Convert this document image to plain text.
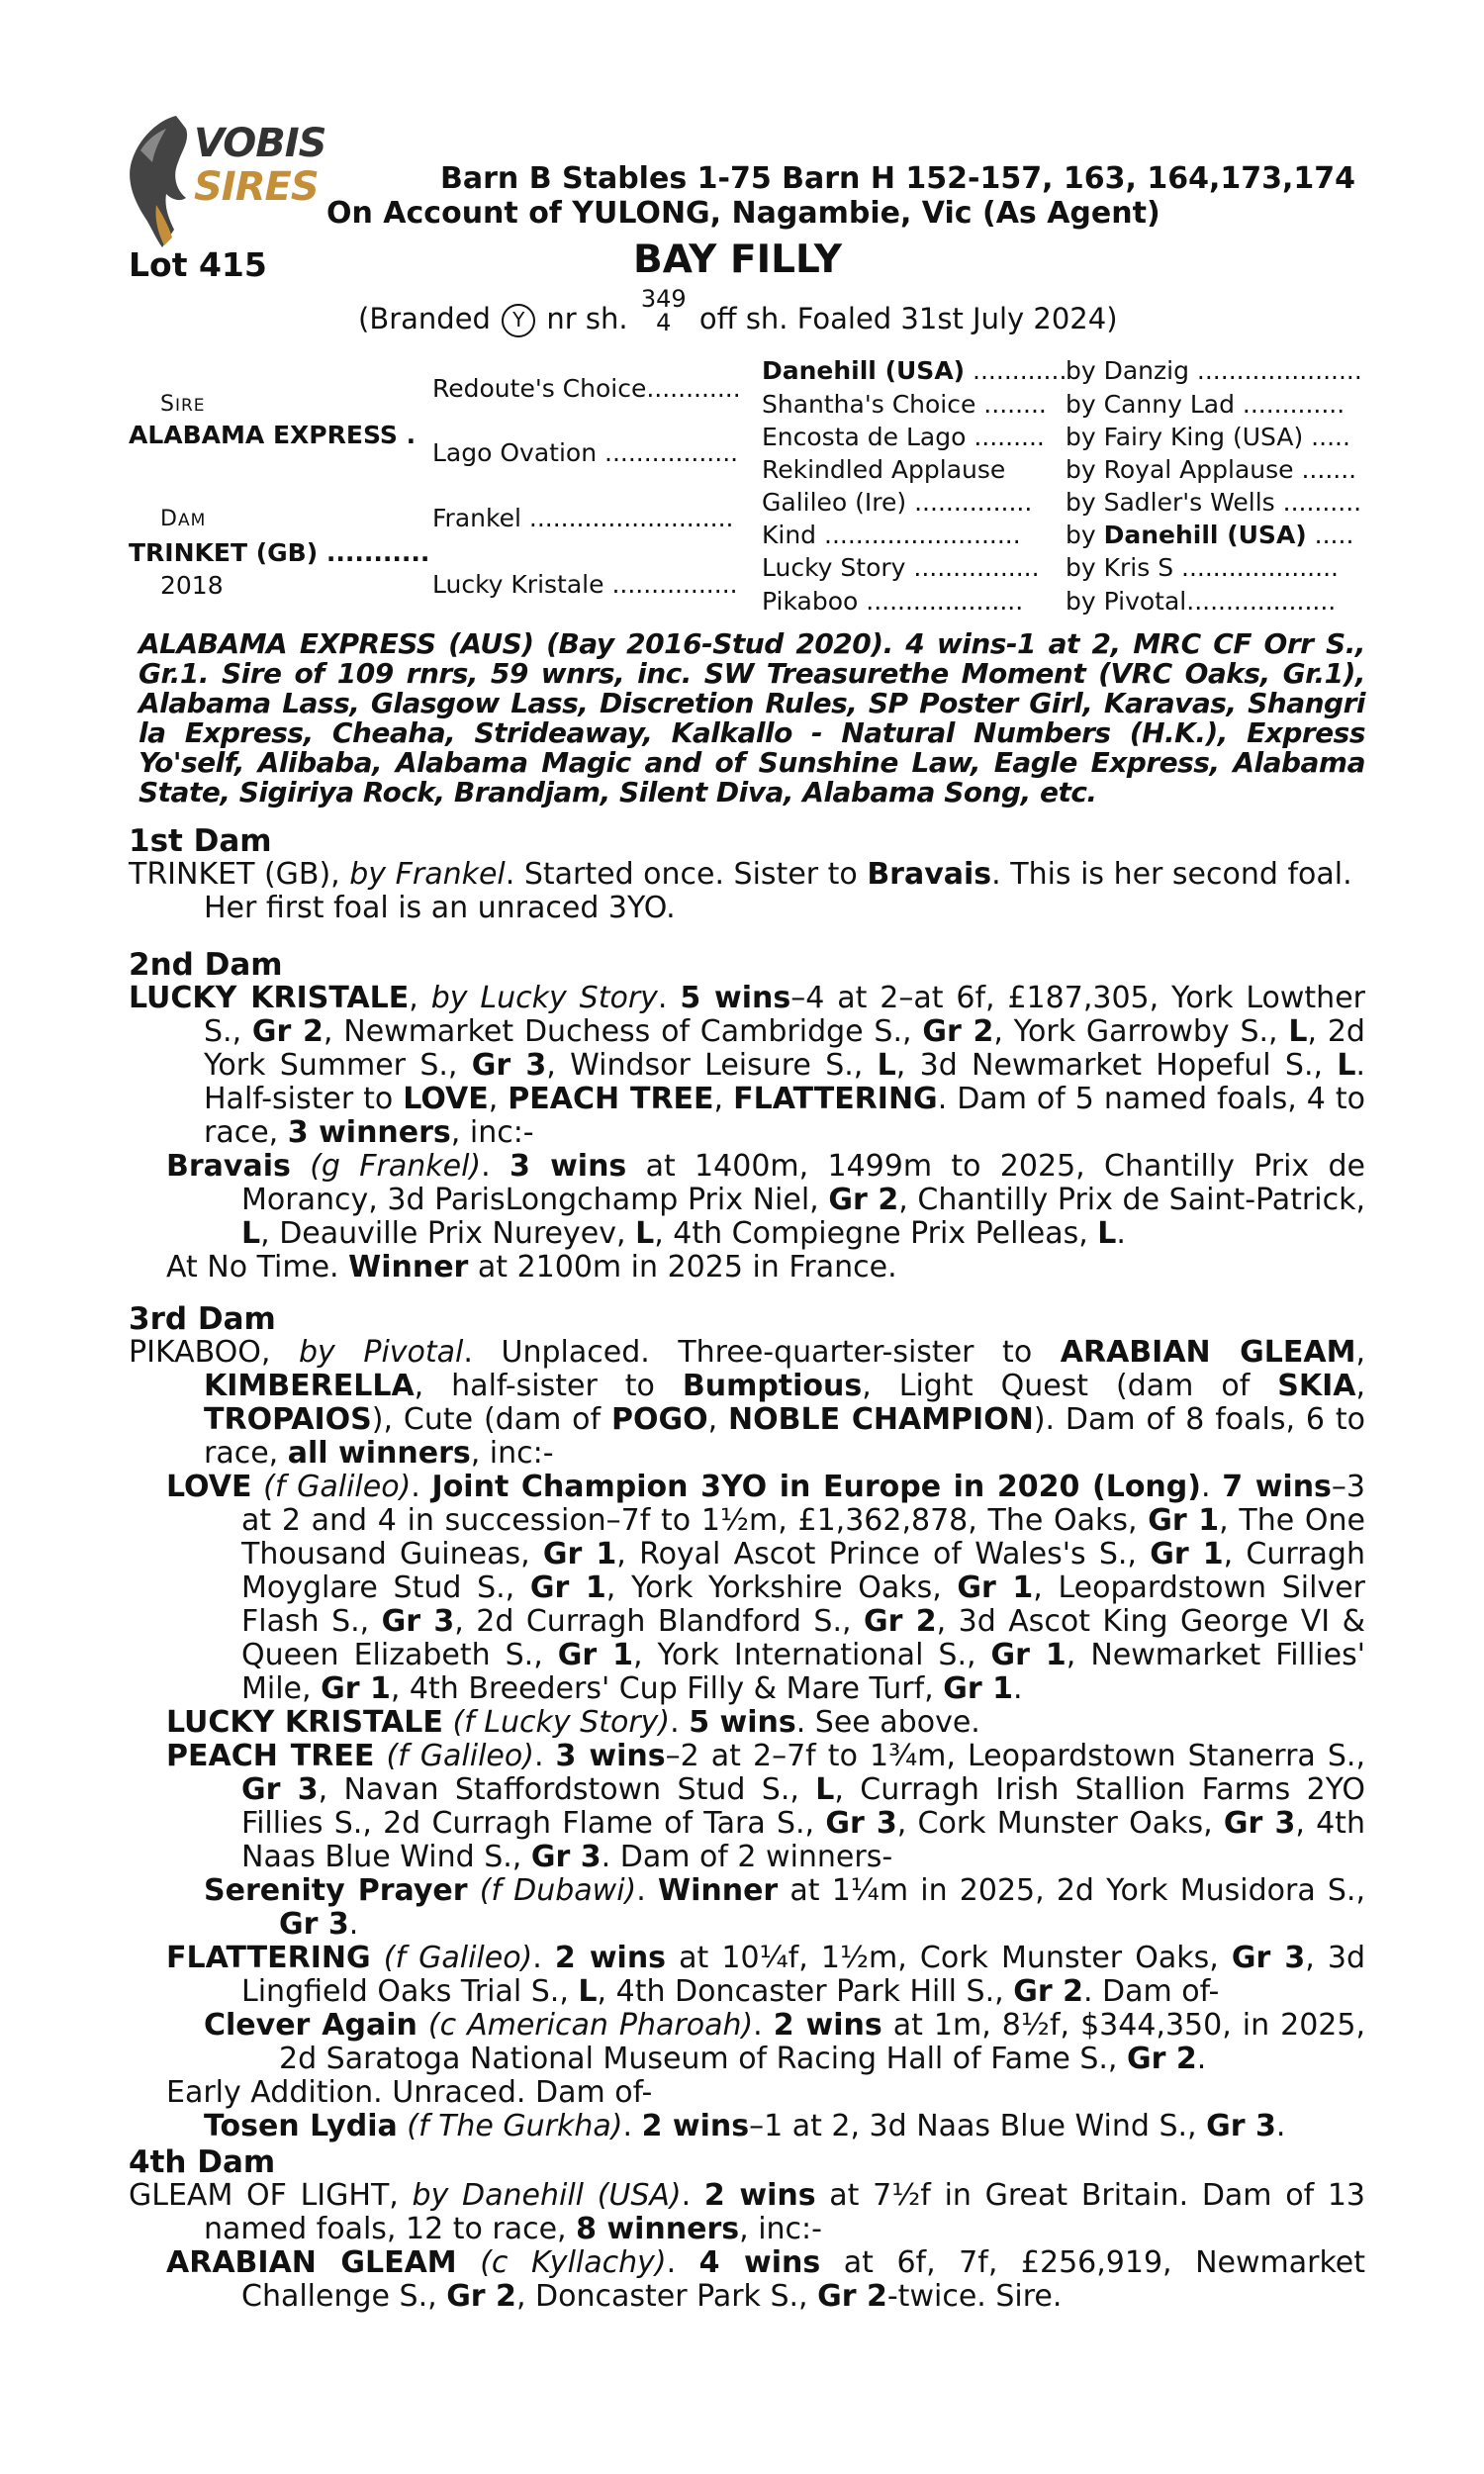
VOBIS
SIRES	Barn B Stables 1-75 Barn H 152-157, 163, 164,173,174
On Account of YULONG, Nagambie, Vic (As Agent)
Lot 415	BAY FILLY
(Branded Y nr sh. 349
4 off sh. Foaled 31st July 2024)
SIRE
ALABAMA EXPRESS .
DAM
TRINKET (GB) ...........
2018
Redoute's Choice............
Lago Ovation .................
Frankel ..........................
Lucky Kristale ................
Danehill (USA) ............
Shantha's Choice ........
Encosta de Lago .........
Rekindled Applause
Galileo (Ire) ...............
Kind .........................
Lucky Story ................
Pikaboo ....................
by Danzig .....................
by Canny Lad .............
by Fairy King (USA) .....
by Royal Applause .......
by Sadler's Wells ..........
by Danehill (USA) .....
by Kris S ....................
by Pivotal...................
ALABAMA EXPRESS (AUS) (Bay 2016-Stud 2020). 4 wins-1 at 2, MRC CF Orr S., Gr.1. Sire of 109 rnrs, 59 wnrs, inc. SW Treasurethe Moment (VRC Oaks, Gr.1), Alabama Lass, Glasgow Lass, Discretion Rules, SP Poster Girl, Karavas, Shangri la Express, Cheaha, Strideaway, Kalkallo - Natural Numbers (H.K.), Express Yo'self, Alibaba, Alabama Magic and of Sunshine Law, Eagle Express, Alabama State, Sigiriya Rock, Brandjam, Silent Diva, Alabama Song, etc.
1st Dam

TRINKET (GB), by Frankel. Started once. Sister to Bravais. This is her second foal. Her first foal is an unraced 3YO.

2nd Dam

LUCKY KRISTALE, by Lucky Story. 5 wins–4 at 2–at 6f, £187,305, York Lowther S., Gr 2, Newmarket Duchess of Cambridge S., Gr 2, York Garrowby S., L, 2d York Summer S., Gr 3, Windsor Leisure S., L, 3d Newmarket Hopeful S., L. Half-sister to LOVE, PEACH TREE, FLATTERING. Dam of 5 named foals, 4 to race, 3 winners, inc:-

Bravais (g Frankel). 3 wins at 1400m, 1499m to 2025, Chantilly Prix de Morancy, 3d ParisLongchamp Prix Niel, Gr 2, Chantilly Prix de Saint-Patrick, L, Deauville Prix Nureyev, L, 4th Compiegne Prix Pelleas, L.

At No Time. Winner at 2100m in 2025 in France.

3rd Dam

PIKABOO, by Pivotal. Unplaced. Three-quarter-sister to ARABIAN GLEAM, KIMBERELLA, half-sister to Bumptious, Light Quest (dam of SKIA, TROPAIOS), Cute (dam of POGO, NOBLE CHAMPION). Dam of 8 foals, 6 to race, all winners, inc:-

LOVE (f Galileo). Joint Champion 3YO in Europe in 2020 (Long). 7 wins–3 at 2 and 4 in succession–7f to 1½m, £1,362,878, The Oaks, Gr 1, The One Thousand Guineas, Gr 1, Royal Ascot Prince of Wales's S., Gr 1, Curragh Moyglare Stud S., Gr 1, York Yorkshire Oaks, Gr 1, Leopardstown Silver Flash S., Gr 3, 2d Curragh Blandford S., Gr 2, 3d Ascot King George VI & Queen Elizabeth S., Gr 1, York International S., Gr 1, Newmarket Fillies' Mile, Gr 1, 4th Breeders' Cup Filly & Mare Turf, Gr 1.

LUCKY KRISTALE (f Lucky Story). 5 wins. See above.

PEACH TREE (f Galileo). 3 wins–2 at 2–7f to 1¾m, Leopardstown Stanerra S., Gr 3, Navan Staffordstown Stud S., L, Curragh Irish Stallion Farms 2YO Fillies S., 2d Curragh Flame of Tara S., Gr 3, Cork Munster Oaks, Gr 3, 4th Naas Blue Wind S., Gr 3. Dam of 2 winners-

Serenity Prayer (f Dubawi). Winner at 1¼m in 2025, 2d York Musidora S., Gr 3.

FLATTERING (f Galileo). 2 wins at 10¼f, 1½m, Cork Munster Oaks, Gr 3, 3d Lingfield Oaks Trial S., L, 4th Doncaster Park Hill S., Gr 2. Dam of-

Clever Again (c American Pharoah). 2 wins at 1m, 8½f, $344,350, in 2025, 2d Saratoga National Museum of Racing Hall of Fame S., Gr 2.

Early Addition. Unraced. Dam of-

Tosen Lydia (f The Gurkha). 2 wins–1 at 2, 3d Naas Blue Wind S., Gr 3.

4th Dam

GLEAM OF LIGHT, by Danehill (USA). 2 wins at 7½f in Great Britain. Dam of 13 named foals, 12 to race, 8 winners, inc:-

ARABIAN GLEAM (c Kyllachy). 4 wins at 6f, 7f, £256,919, Newmarket Challenge S., Gr 2, Doncaster Park S., Gr 2-twice. Sire.
